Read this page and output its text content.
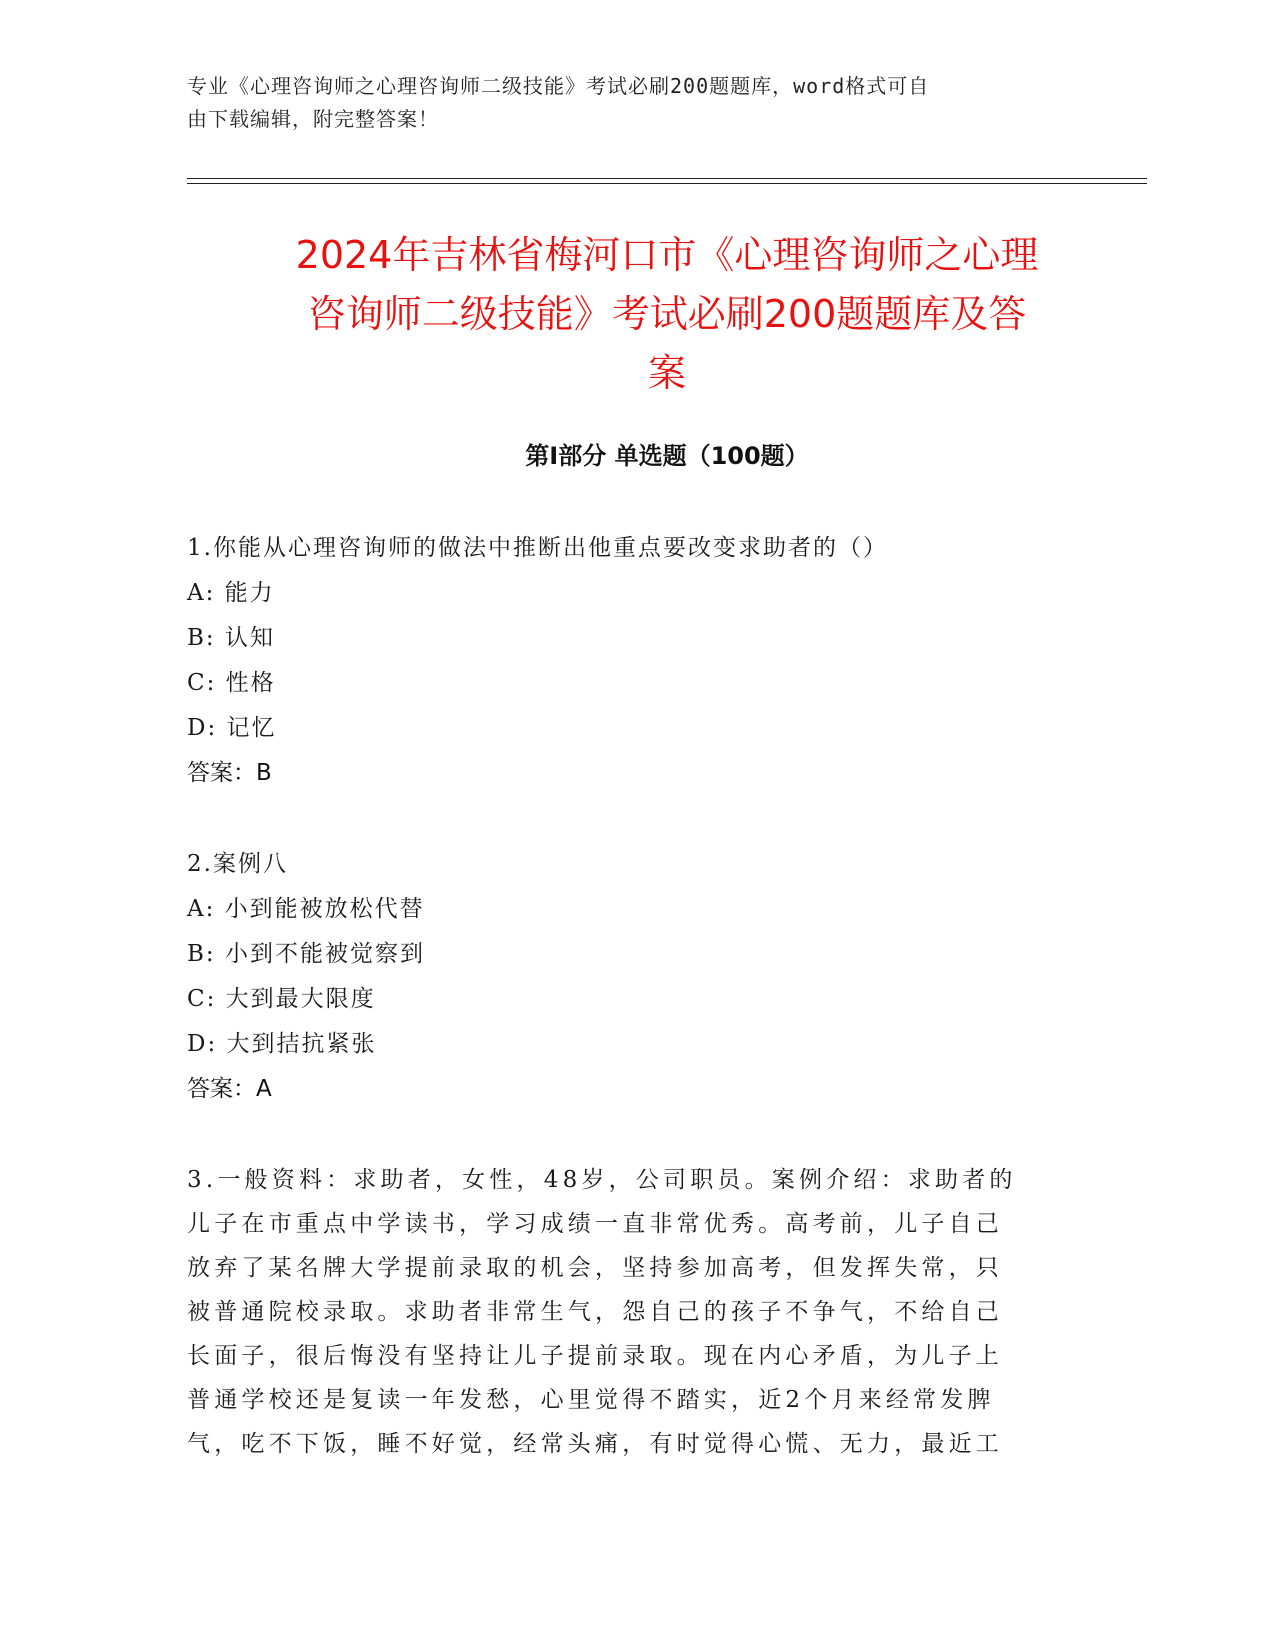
专业《心理咨询师之心理咨询师二级技能》考试必刷200题题库，word格式可自
由下载编辑，附完整答案！

2024年吉林省梅河口市《心理咨询师之心理
咨询师二级技能》考试必刷200题题库及答
案
第I部分 单选题（100题）

1.你能从心理咨询师的做法中推断出他重点要改变求助者的（）

A: 能力

B: 认知

C: 性格

D: 记忆

答案：B

2.案例八

A: 小到能被放松代替

B: 小到不能被觉察到

C: 大到最大限度

D: 大到拮抗紧张

答案：A

3.一般资料：求助者，女性，48岁，公司职员。案例介绍：求助者的

儿子在市重点中学读书，学习成绩一直非常优秀。高考前，儿子自己

放弃了某名牌大学提前录取的机会，坚持参加高考，但发挥失常，只

被普通院校录取。求助者非常生气，怨自己的孩子不争气，不给自己

长面子，很后悔没有坚持让儿子提前录取。现在内心矛盾，为儿子上

普通学校还是复读一年发愁，心里觉得不踏实，近2个月来经常发脾

气，吃不下饭，睡不好觉，经常头痛，有时觉得心慌、无力，最近工
